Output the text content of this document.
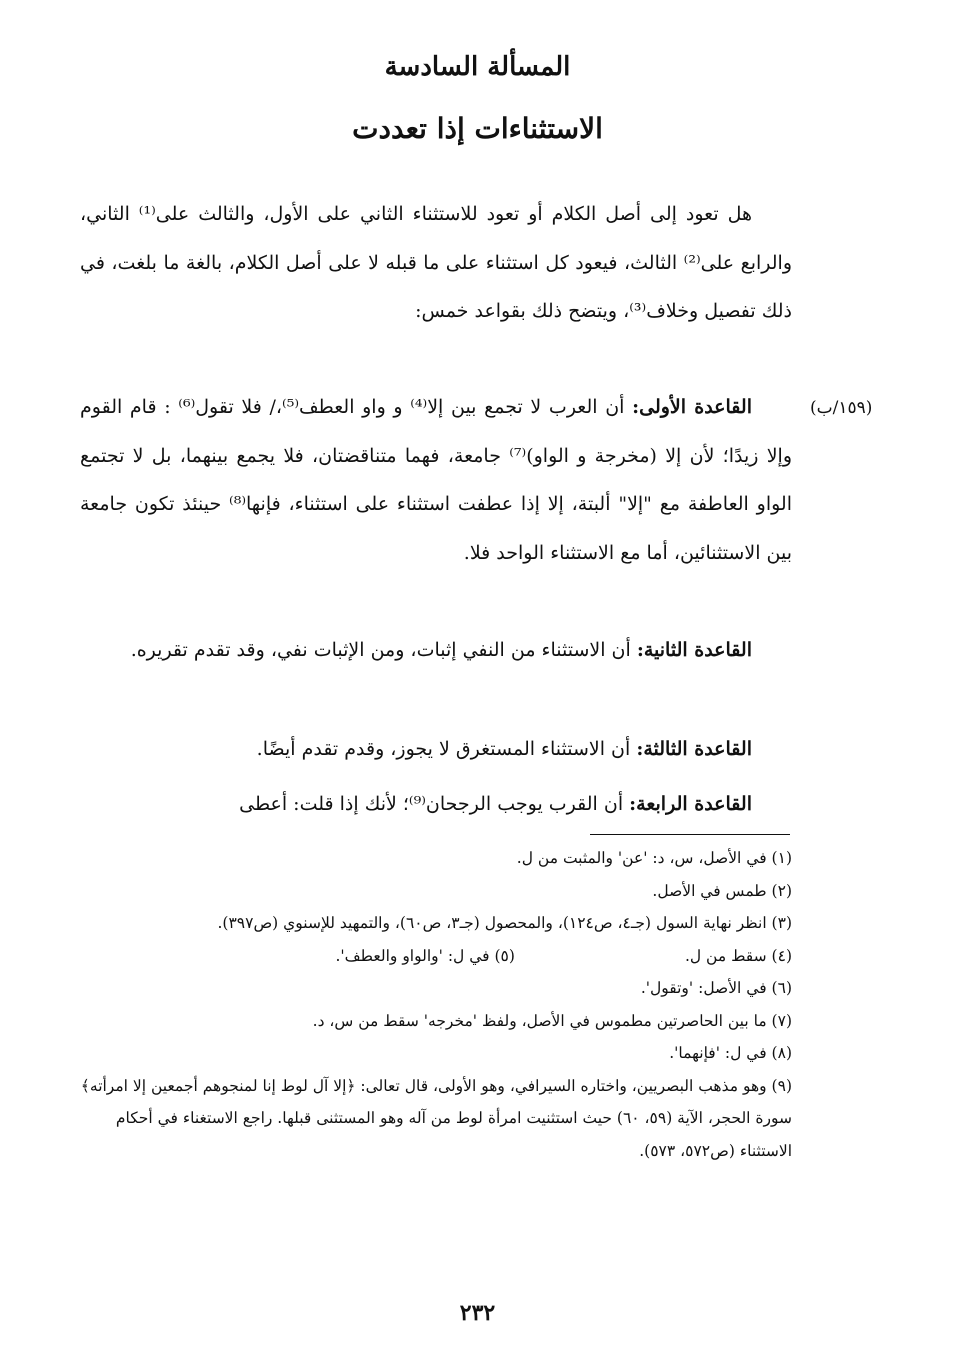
المسألة السادسة
الاستثناءات إذا تعددت
(١٥٩/ب)

هل تعود إلى أصل الكلام أو تعود للاستثناء الثاني على الأول، والثالث على⁽¹⁾ الثاني، والرابع على⁽²⁾ الثالث، فيعود كل استثناء على ما قبله لا على أصل الكلام، بالغة ما بلغت، في ذلك تفصيل وخلاف⁽³⁾، ويتضح ذلك بقواعد خمس:

القاعدة الأولى: أن العرب لا تجمع بين إلا⁽⁴⁾ و واو العطف⁽⁵⁾،/ فلا تقول⁽⁶⁾ : قام القوم وإلا زيدًا؛ لأن إلا (مخرجة و الواو)⁽⁷⁾ جامعة، فهما متناقضتان، فلا يجمع بينهما، بل لا تجتمع الواو العاطفة مع "إلا" ألبتة، إلا إذا عطفت استثناء على استثناء، فإنها⁽⁸⁾ حينئذ تكون جامعة بين الاستثنائين، أما مع الاستثناء الواحد فلا.

القاعدة الثانية: أن الاستثناء من النفي إثبات، ومن الإثبات نفي، وقد تقدم تقريره.

القاعدة الثالثة: أن الاستثناء المستغرق لا يجوز، وقدم تقدم أيضًا.

القاعدة الرابعة: أن القرب يوجب الرجحان⁽⁹⁾؛ لأنك إذا قلت: أعطى

(١) في الأصل، س، د: 'عن' والمثبت من ل.

(٢) طمس في الأصل.

(٣) انظر نهاية السول (جـ٤، ص١٢٤)، والمحصول (جـ٣، ص٦٠)، والتمهيد للإسنوي (ص٣٩٧).

(٤) سقط من ل.

(٥) في ل: 'والواو والعطف'.

(٦) في الأصل: 'وتقول'.

(٧) ما بين الحاصرتين مطموس في الأصل، ولفظ 'مخرجه' سقط من س، د.

(٨) في ل: 'فإنهما'.

(٩) وهو مذهب البصريين، واختاره السيرافي، وهو الأولى، قال تعالى: ﴿إلا آل لوط إنا لمنجوهم أجمعين إلا امرأته﴾ سورة الحجر، الآية (٥٩، ٦٠) حيث استثنيت امرأة لوط من آله وهو المستثنى قبلها. راجع الاستغناء في أحكام الاستثناء (ص٥٧٢، ٥٧٣).

٢٣٢
